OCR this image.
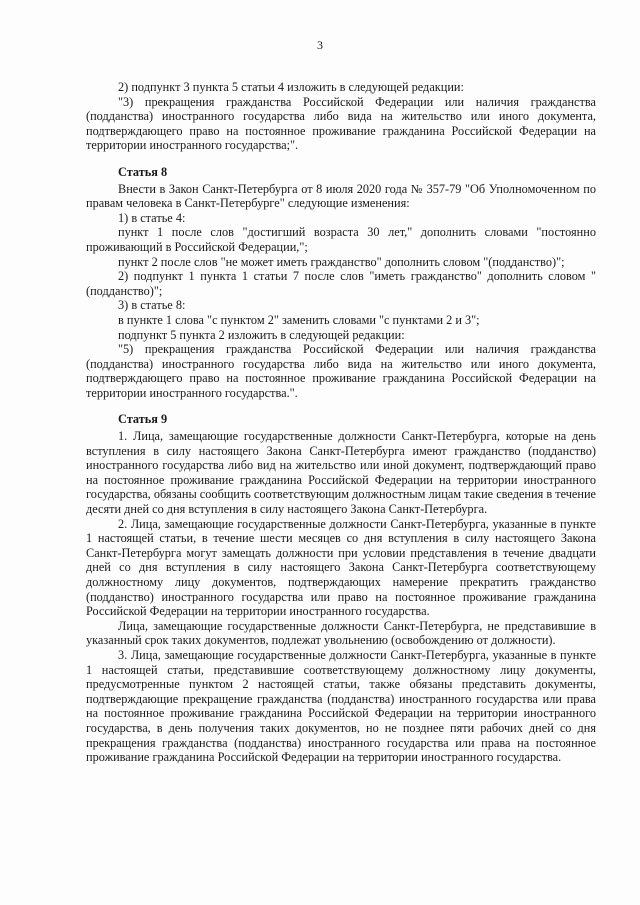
3

2) подпункт 3 пункта 5 статьи 4 изложить в следующей редакции:

"3) прекращения гражданства Российской Федерации или наличия гражданства (подданства) иностранного государства либо вида на жительство или иного документа, подтверждающего право на постоянное проживание гражданина Российской Федерации на территории иностранного государства;".

Статья 8

Внести в Закон Санкт-Петербурга от 8 июля 2020 года № 357-79 "Об Уполномоченном по правам человека в Санкт-Петербурге" следующие изменения:

1) в статье 4:

пункт 1 после слов "достигший возраста 30 лет," дополнить словами "постоянно проживающий в Российской Федерации,";

пункт 2 после слов "не может иметь гражданство" дополнить словом "(подданство)";

2) подпункт 1 пункта 1 статьи 7 после слов "иметь гражданство" дополнить словом "(подданство)";

3) в статье 8:

в пункте 1 слова "с пунктом 2" заменить словами "с пунктами 2 и 3";

подпункт 5 пункта 2 изложить в следующей редакции:

"5) прекращения гражданства Российской Федерации или наличия гражданства (подданства) иностранного государства либо вида на жительство или иного документа, подтверждающего право на постоянное проживание гражданина Российской Федерации на территории иностранного государства.".

Статья 9

1. Лица, замещающие государственные должности Санкт-Петербурга, которые на день вступления в силу настоящего Закона Санкт-Петербурга имеют гражданство (подданство) иностранного государства либо вид на жительство или иной документ, подтверждающий право на постоянное проживание гражданина Российской Федерации на территории иностранного государства, обязаны сообщить соответствующим должностным лицам такие сведения в течение десяти дней со дня вступления в силу настоящего Закона Санкт-Петербурга.

2. Лица, замещающие государственные должности Санкт-Петербурга, указанные в пункте 1 настоящей статьи, в течение шести месяцев со дня вступления в силу настоящего Закона Санкт-Петербурга могут замещать должности при условии представления в течение двадцати дней со дня вступления в силу настоящего Закона Санкт-Петербурга соответствующему должностному лицу документов, подтверждающих намерение прекратить гражданство (подданство) иностранного государства или право на постоянное проживание гражданина Российской Федерации на территории иностранного государства.

Лица, замещающие государственные должности Санкт-Петербурга, не представившие в указанный срок таких документов, подлежат увольнению (освобождению от должности).

3. Лица, замещающие государственные должности Санкт-Петербурга, указанные в пункте 1 настоящей статьи, представившие соответствующему должностному лицу документы, предусмотренные пунктом 2 настоящей статьи, также обязаны представить документы, подтверждающие прекращение гражданства (подданства) иностранного государства или права на постоянное проживание гражданина Российской Федерации на территории иностранного государства, в день получения таких документов, но не позднее пяти рабочих дней со дня прекращения гражданства (подданства) иностранного государства или права на постоянное проживание гражданина Российской Федерации на территории иностранного государства.
